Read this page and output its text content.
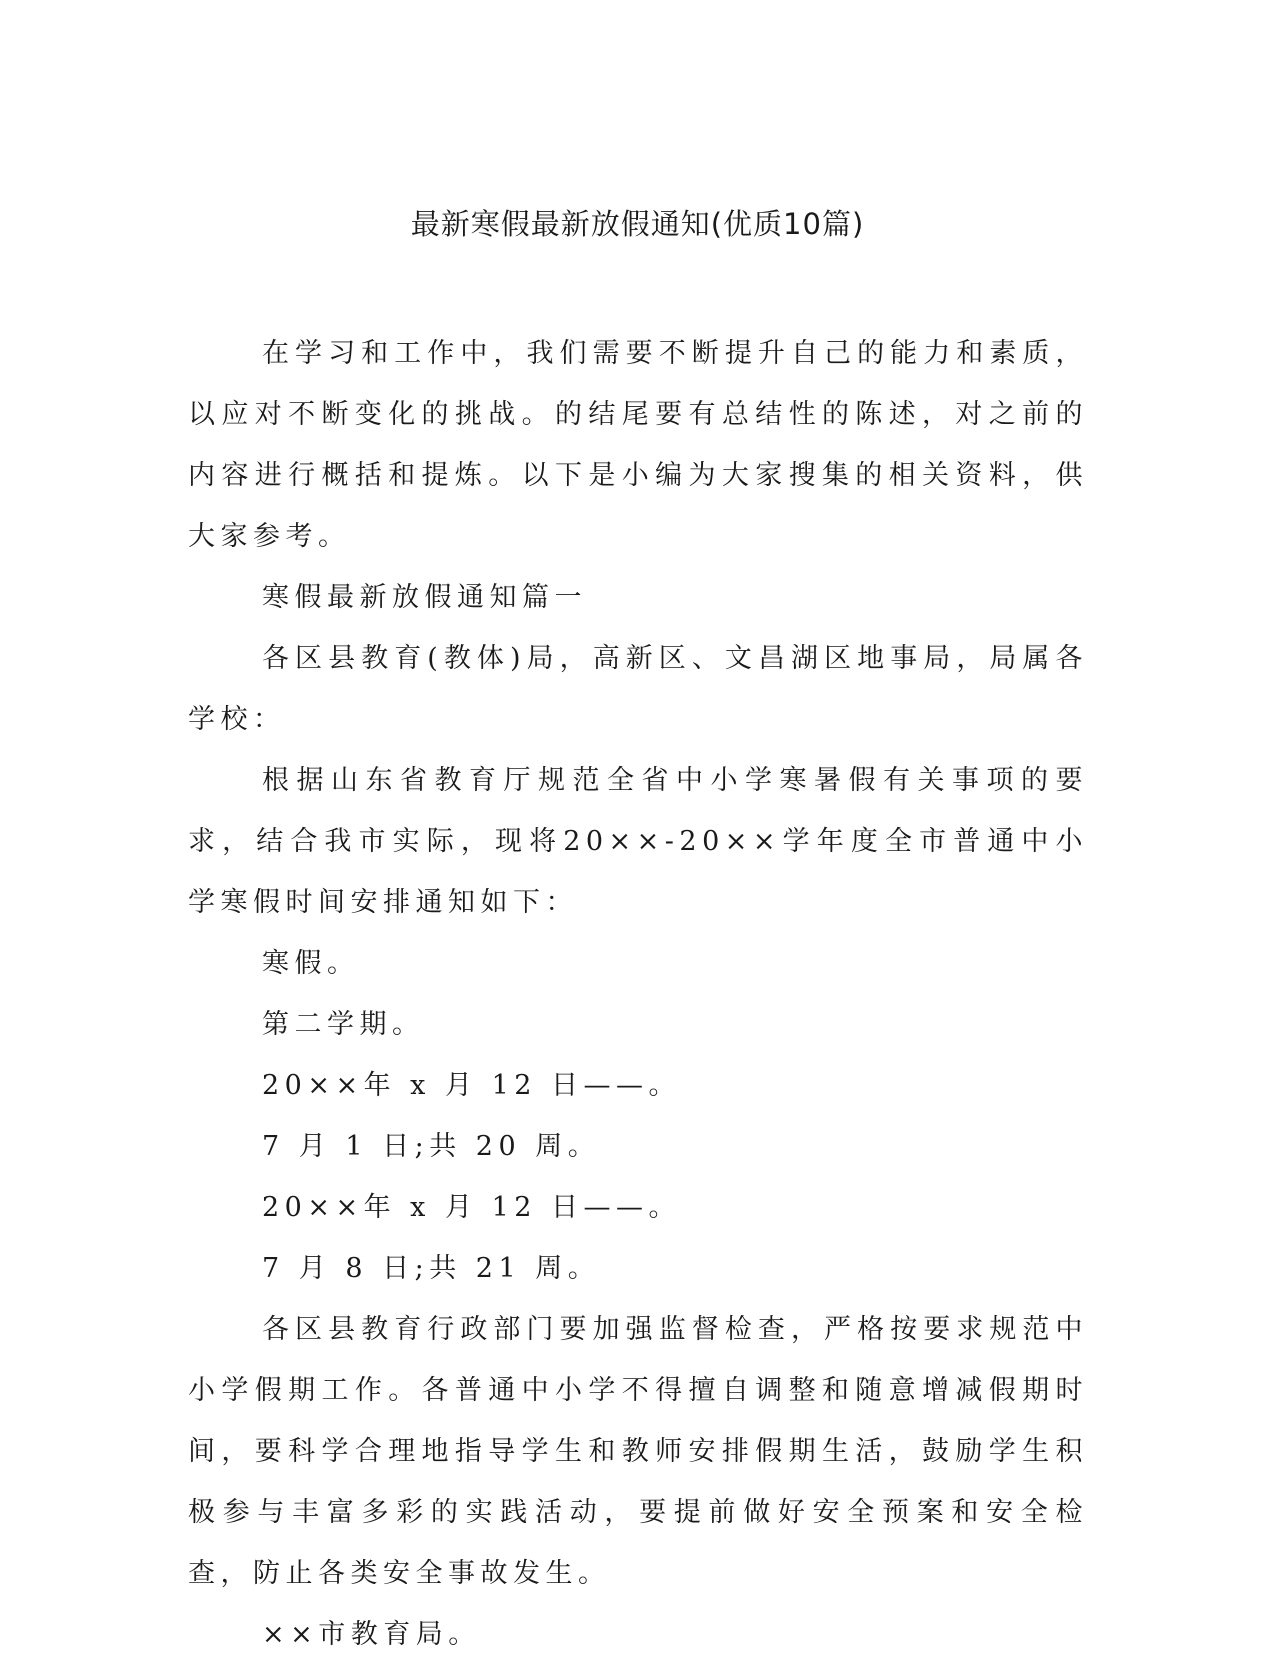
最新寒假最新放假通知(优质10篇)

在学习和工作中，我们需要不断提升自己的能力和素质，以应对不断变化的挑战。的结尾要有总结性的陈述，对之前的内容进行概括和提炼。以下是小编为大家搜集的相关资料，供大家参考。

寒假最新放假通知篇一

各区县教育(教体)局，高新区、文昌湖区地事局，局属各学校：

根据山东省教育厅规范全省中小学寒暑假有关事项的要求，结合我市实际，现将20××-20××学年度全市普通中小学寒假时间安排通知如下：

寒假。

第二学期。

20××年 x 月 12 日——。

7 月 1 日;共 20 周。

20××年 x 月 12 日——。

7 月 8 日;共 21 周。

各区县教育行政部门要加强监督检查，严格按要求规范中小学假期工作。各普通中小学不得擅自调整和随意增减假期时间，要科学合理地指导学生和教师安排假期生活，鼓励学生积极参与丰富多彩的实践活动，要提前做好安全预案和安全检查，防止各类安全事故发生。

××市教育局。
